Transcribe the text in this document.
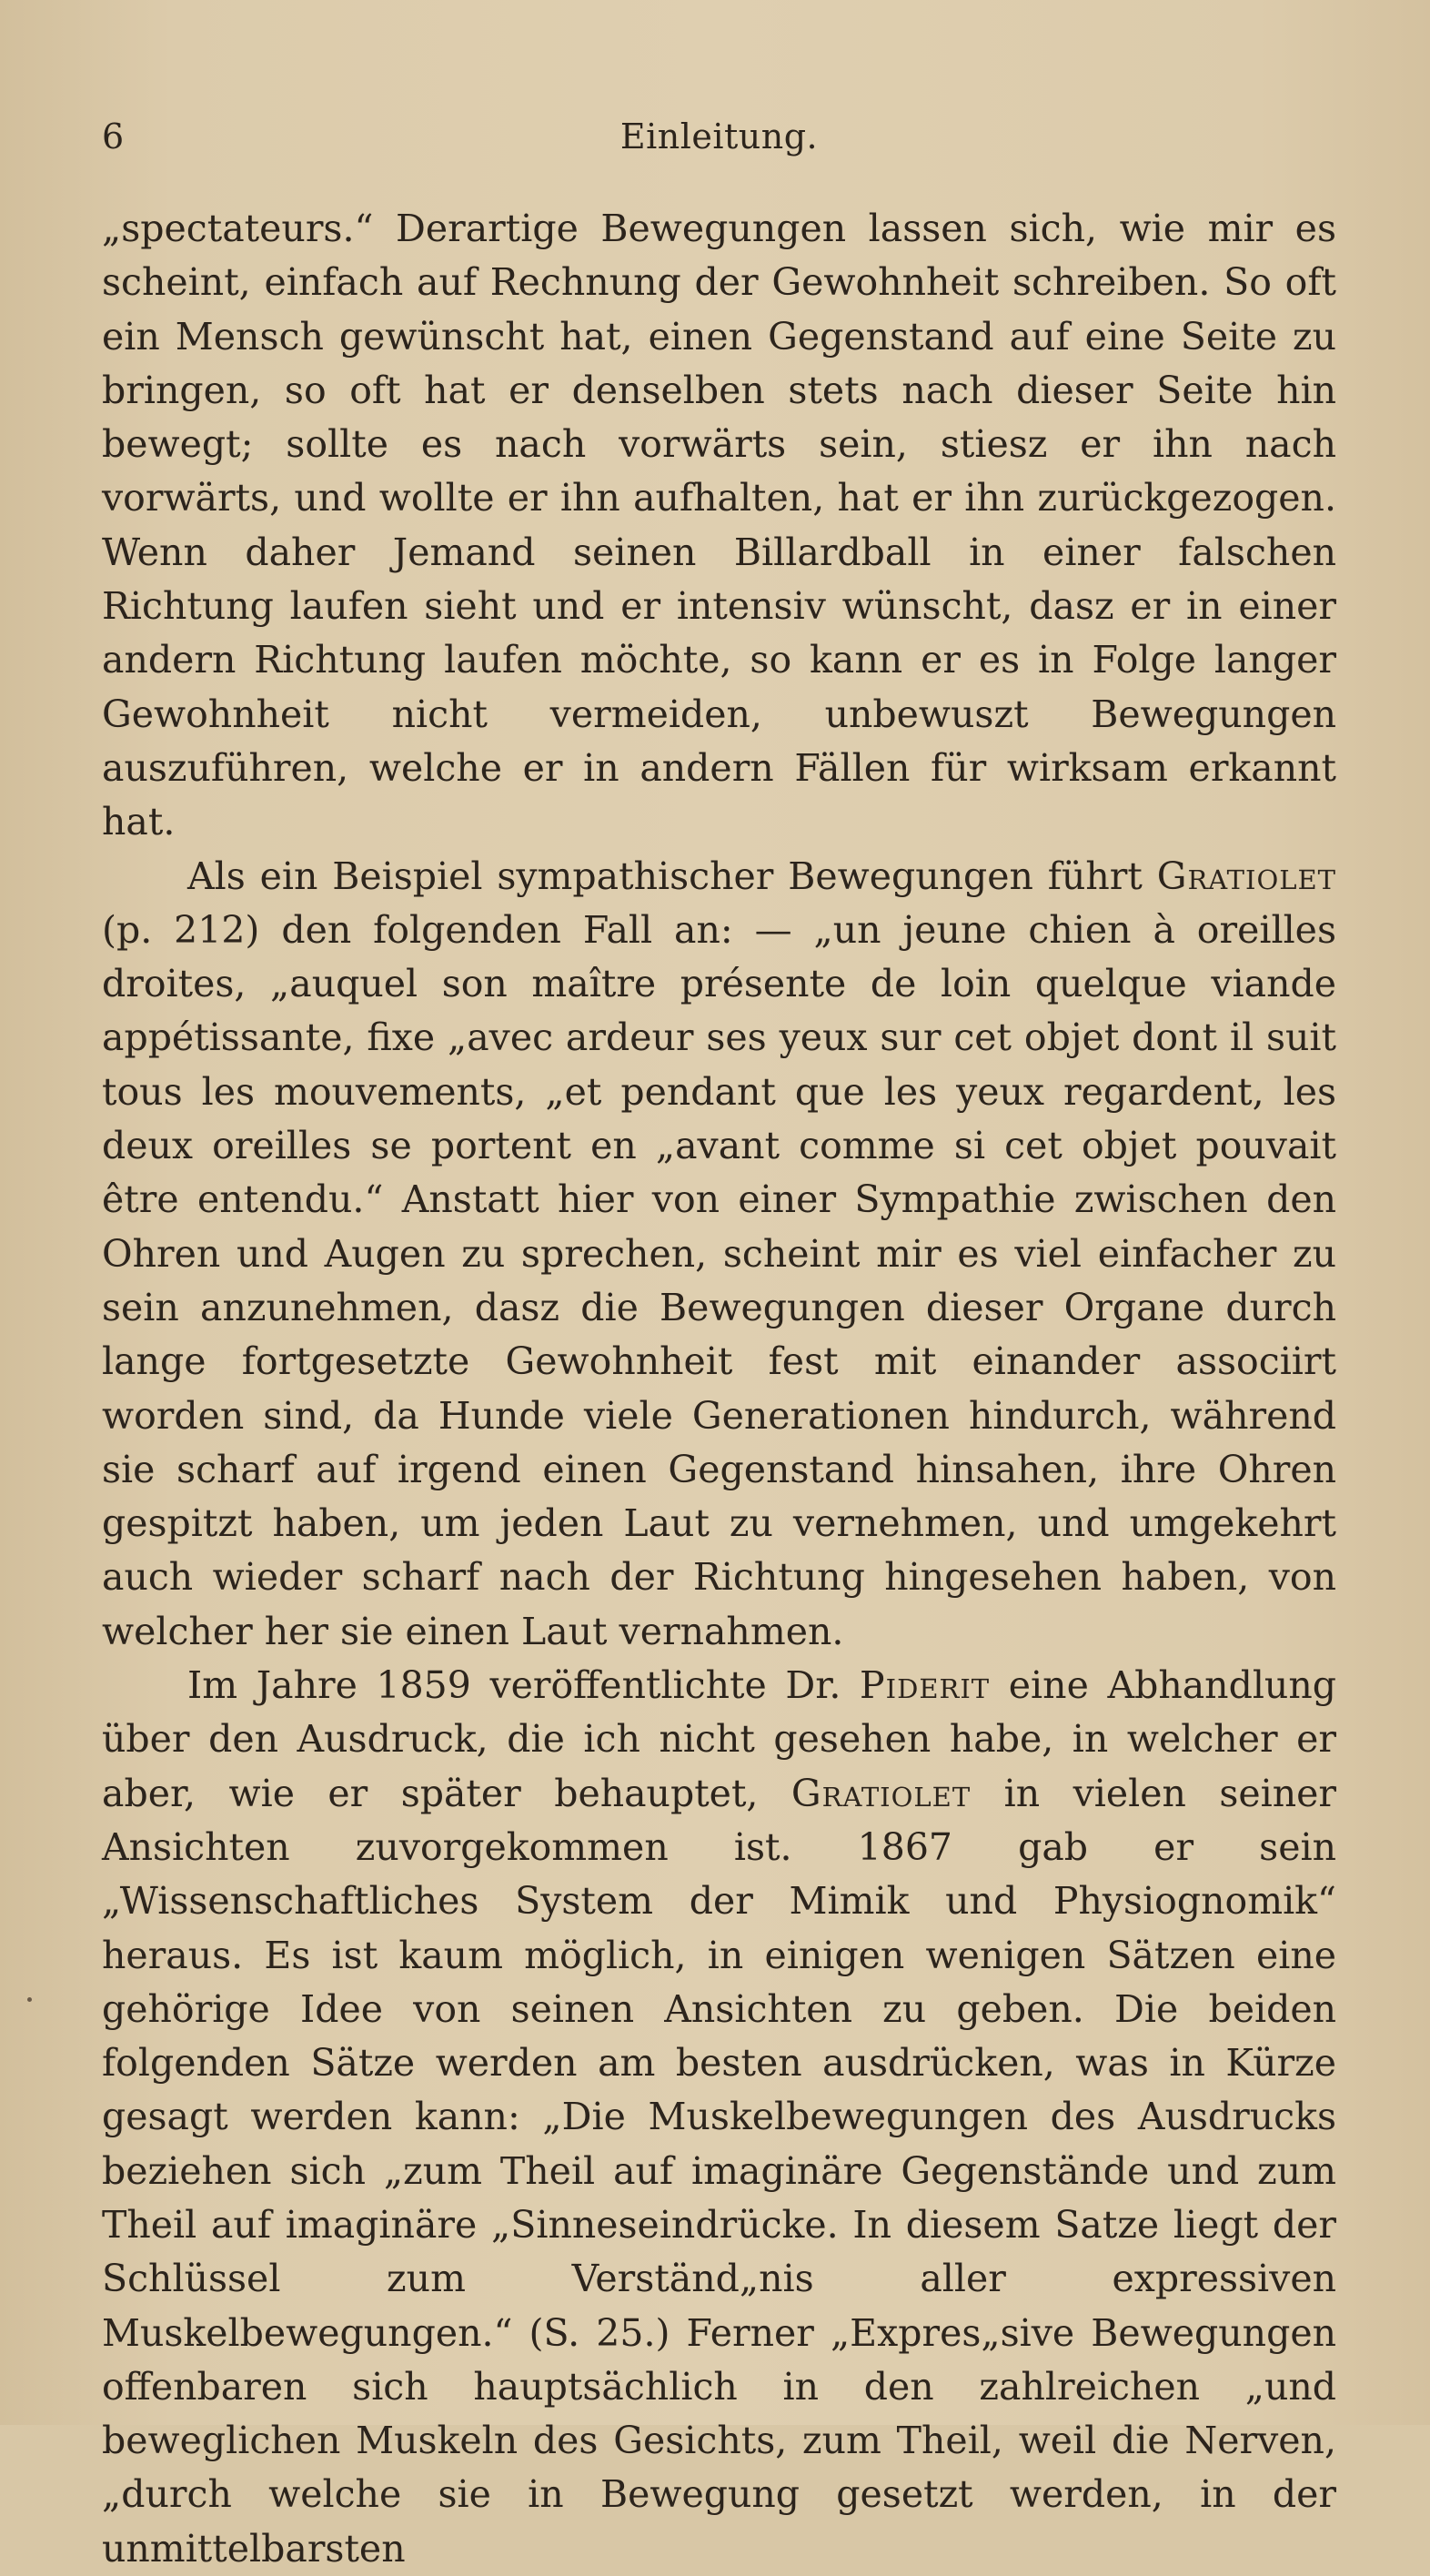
6	Einleitung.

„spectateurs.“ Derartige Bewegungen lassen sich, wie mir es scheint, einfach auf Rechnung der Gewohnheit schreiben. So oft ein Mensch gewünscht hat, einen Gegenstand auf eine Seite zu bringen, so oft hat er denselben stets nach dieser Seite hin bewegt; sollte es nach vorwärts sein, stiesz er ihn nach vorwärts, und wollte er ihn aufhalten, hat er ihn zurückgezogen. Wenn daher Jemand seinen Billardball in einer falschen Richtung laufen sieht und er intensiv wünscht, dasz er in einer andern Richtung laufen möchte, so kann er es in Folge langer Gewohnheit nicht vermeiden, unbewuszt Bewegungen auszuführen, welche er in andern Fällen für wirksam erkannt hat.

Als ein Beispiel sympathischer Bewegungen führt Gratiolet (p. 212) den folgenden Fall an: — „un jeune chien à oreilles droites, „auquel son maître présente de loin quelque viande appétissante, fixe „avec ardeur ses yeux sur cet objet dont il suit tous les mouvements, „et pendant que les yeux regardent, les deux oreilles se portent en „avant comme si cet objet pouvait être entendu.“ Anstatt hier von einer Sympathie zwischen den Ohren und Augen zu sprechen, scheint mir es viel einfacher zu sein anzunehmen, dasz die Bewegungen dieser Organe durch lange fortgesetzte Gewohnheit fest mit einander associirt worden sind, da Hunde viele Generationen hindurch, während sie scharf auf irgend einen Gegenstand hinsahen, ihre Ohren gespitzt haben, um jeden Laut zu vernehmen, und umgekehrt auch wieder scharf nach der Richtung hingesehen haben, von welcher her sie einen Laut vernahmen.

Im Jahre 1859 veröffentlichte Dr. Piderit eine Abhandlung über den Ausdruck, die ich nicht gesehen habe, in welcher er aber, wie er später behauptet, Gratiolet in vielen seiner Ansichten zuvorgekommen ist. 1867 gab er sein „Wissenschaftliches System der Mimik und Physiognomik“ heraus. Es ist kaum möglich, in einigen wenigen Sätzen eine gehörige Idee von seinen Ansichten zu geben. Die beiden folgenden Sätze werden am besten ausdrücken, was in Kürze gesagt werden kann: „Die Muskelbewegungen des Ausdrucks beziehen sich „zum Theil auf imaginäre Gegenstände und zum Theil auf imaginäre „Sinneseindrücke. In diesem Satze liegt der Schlüssel zum Verständ„nis aller expressiven Muskelbewegungen.“ (S. 25.) Ferner „Expres„sive Bewegungen offenbaren sich hauptsächlich in den zahlreichen „und beweglichen Muskeln des Gesichts, zum Theil, weil die Nerven, „durch welche sie in Bewegung gesetzt werden, in der unmittelbarsten
